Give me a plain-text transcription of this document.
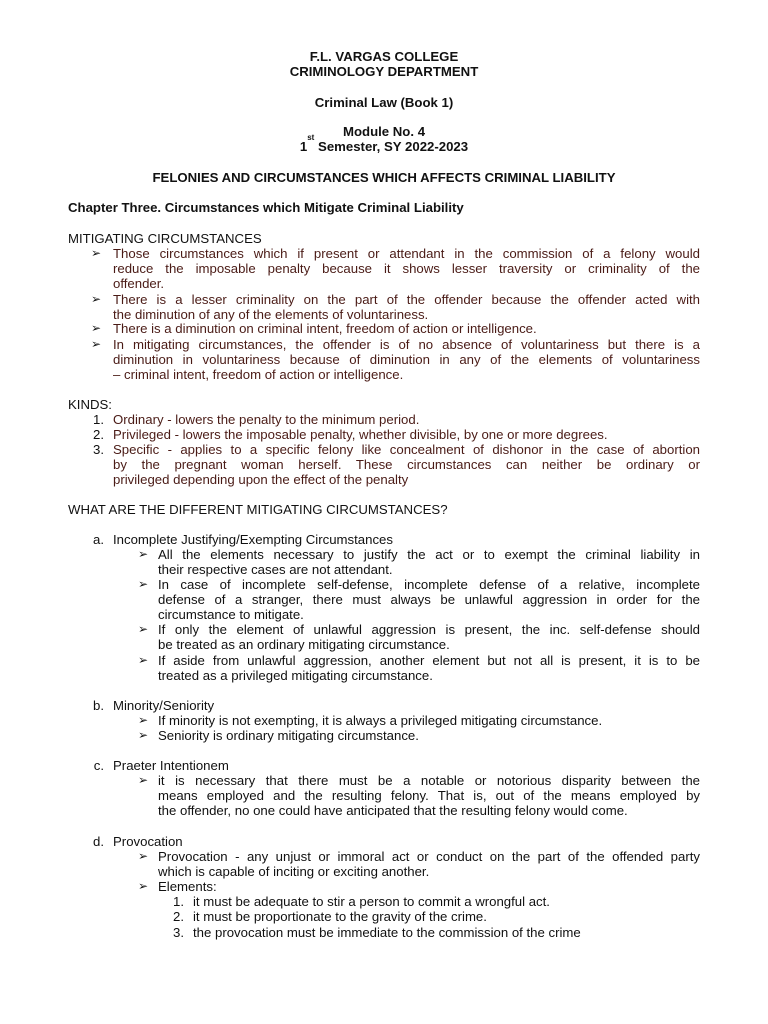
F.L. VARGAS COLLEGE
CRIMINOLOGY DEPARTMENT
Criminal Law (Book 1)
Module No. 4
1st Semester, SY 2022-2023
FELONIES AND CIRCUMSTANCES WHICH AFFECTS CRIMINAL LIABILITY
Chapter Three. Circumstances which Mitigate Criminal Liability
MITIGATING CIRCUMSTANCES
➢ Those circumstances which if present or attendant in the commission of a felony would
reduce the imposable penalty because it shows lesser traversity or criminality of the
offender.
➢ There is a lesser criminality on the part of the offender because the offender acted with
the diminution of any of the elements of voluntariness.
➢ There is a diminution on criminal intent, freedom of action or intelligence.
➢ In mitigating circumstances, the offender is of no absence of voluntariness but there is a
diminution in voluntariness because of diminution in any of the elements of voluntariness
– criminal intent, freedom of action or intelligence.
KINDS:
1. Ordinary - lowers the penalty to the minimum period.
2. Privileged - lowers the imposable penalty, whether divisible, by one or more degrees.
3. Specific - applies to a specific felony like concealment of dishonor in the case of abortion
by the pregnant woman herself. These circumstances can neither be ordinary or
privileged depending upon the effect of the penalty
WHAT ARE THE DIFFERENT MITIGATING CIRCUMSTANCES?
a. Incomplete Justifying/Exempting Circumstances
➢ All the elements necessary to justify the act or to exempt the criminal liability in
their respective cases are not attendant.
➢ In case of incomplete self-defense, incomplete defense of a relative, incomplete
defense of a stranger, there must always be unlawful aggression in order for the
circumstance to mitigate.
➢ If only the element of unlawful aggression is present, the inc. self-defense should
be treated as an ordinary mitigating circumstance.
➢ If aside from unlawful aggression, another element but not all is present, it is to be
treated as a privileged mitigating circumstance.
b. Minority/Seniority
➢ If minority is not exempting, it is always a privileged mitigating circumstance.
➢ Seniority is ordinary mitigating circumstance.
c. Praeter Intentionem
➢ it is necessary that there must be a notable or notorious disparity between the
means employed and the resulting felony. That is, out of the means employed by
the offender, no one could have anticipated that the resulting felony would come.
d. Provocation
➢ Provocation - any unjust or immoral act or conduct on the part of the offended party
which is capable of inciting or exciting another.
➢ Elements:
1. it must be adequate to stir a person to commit a wrongful act.
2. it must be proportionate to the gravity of the crime.
3. the provocation must be immediate to the commission of the crime
